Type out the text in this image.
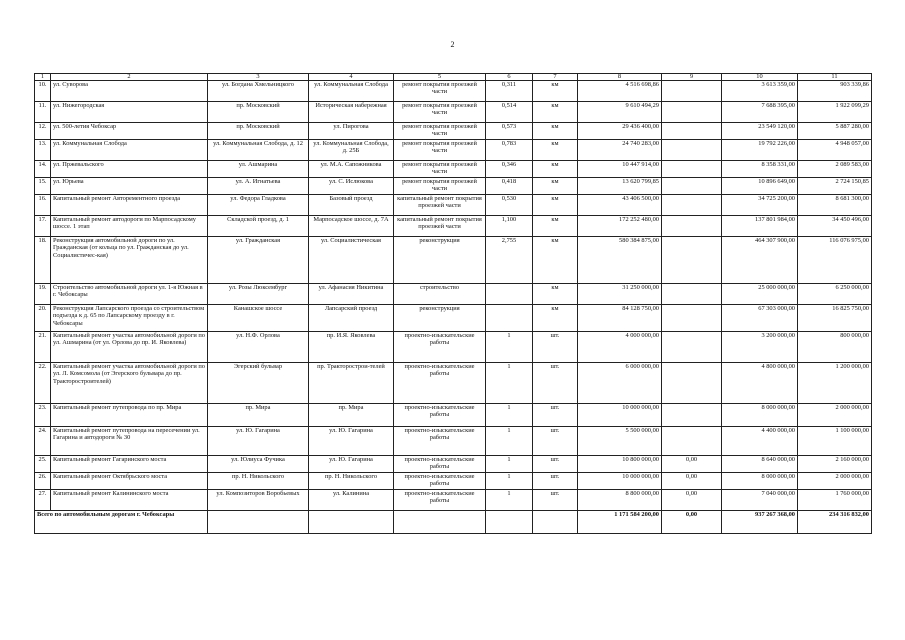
2
1	2	3	4	5	6	7	8	9	10	11
10.	ул. Суворова	ул. Богдана Хмельницкого	ул. Коммунальная Слобода	ремонт покрытия проезжей части	0,311	км	4 516 698,86		3 613 359,00	903 339,86
11.	ул. Нижегородская	пр. Московский	Историческая набережная	ремонт покрытия проезжей части	0,514	км	9 610 494,29		7 688 395,00	1 922 099,29
12.	ул. 500-летия Чебоксар	пр. Московский	ул. Пирогова	ремонт покрытия проезжей части	0,573	км	29 436 400,00		23 549 120,00	5 887 280,00
13.	ул. Коммунальная Слобода	ул. Коммунальная Слобода, д. 12	ул. Коммунальная Слобода, д. 25Б	ремонт покрытия проезжей части	0,783	км	24 740 283,00		19 792 226,00	4 948 057,00
14.	ул. Пржевальского	ул. Ашмарина	ул. М.А. Сапожникова	ремонт покрытия проезжей части	0,346	км	10 447 914,00		8 358 331,00	2 089 583,00
15.	ул. Юрьева	ул. А. Игнатьева	ул. С. Ислюкова	ремонт покрытия проезжей части	0,418	км	13 620 799,85		10 896 649,00	2 724 150,85
16.	Капитальный ремонт Авторементного проезда	ул. Федора Гладкова	Базовый проезд	капитальный ремонт покрытия проезжей части	0,530	км	43 406 500,00		34 725 200,00	8 681 300,00
17.	Капитальный ремонт автодороги по Марпосадскому шоссе. 1 этап	Складской проезд, д. 1	Марпосадское шоссе, д. 7А	капитальный ремонт покрытия проезжей части	1,100	км	172 252 480,00		137 801 984,00	34 450 496,00
18.	Реконструкция автомобильной дороги по ул. Гражданская (от кольца по ул. Гражданская до ул. Социалистичес-кая)	ул. Гражданская	ул. Социалистическая	реконструкция	2,755	км	580 384 875,00		464 307 900,00	116 076 975,00
19.	Строительство автомобильной дороги ул. 1-я Южная в г. Чебоксары	ул. Розы Люксембург	ул. Афанасия Никитина	строительство		км	31 250 000,00		25 000 000,00	6 250 000,00
20.	Реконструкция Лапсарского проезда со строительством подъезда к д. 65 по Лапсарскому проезду в г. Чебоксары	Канашское шоссе	Лапсарский проезд	реконструкция		км	84 128 750,00		67 303 000,00	16 825 750,00
21.	Капитальный ремонт участка автомобильной дороги по ул. Ашмарина (от ул. Орлова до пр. И. Яковлева)	ул. Н.Ф. Орлова	пр. И.Я. Яковлева	проектно-изыскательские работы	1	шт.	4 000 000,00		3 200 000,00	800 000,00
22.	Капитальный ремонт участка автомобильной дороги по ул. Л. Комсомола (от Эгерского бульвара до пр. Тракторостроителей)	Эгерский бульвар	пр. Тракторострои-телей	проектно-изыскательские работы	1	шт.	6 000 000,00		4 800 000,00	1 200 000,00
23.	Капитальный ремонт путепровода по пр. Мира	пр. Мира	пр. Мира	проектно-изыскательские работы	1	шт.	10 000 000,00		8 000 000,00	2 000 000,00
24.	Капитальный ремонт путепровода на пересечении ул. Гагарина и автодороги № 30	ул. Ю. Гагарина	ул. Ю. Гагарина	проектно-изыскательские работы	1	шт.	5 500 000,00		4 400 000,00	1 100 000,00
25.	Капитальный ремонт Гагаринского моста	ул. Юлиуса Фучика	ул. Ю. Гагарина	проектно-изыскательские работы	1	шт.	10 800 000,00	0,00	8 640 000,00	2 160 000,00
26.	Капитальный ремонт Октябрьского моста	пр. Н. Никольского	пр. Н. Никольского	проектно-изыскательские работы	1	шт.	10 000 000,00	0,00	8 000 000,00	2 000 000,00
27.	Капитальный ремонт Калининского моста	ул. Композиторов Воробьевых	ул. Калинина	проектно-изыскательские работы	1	шт.	8 800 000,00	0,00	7 040 000,00	1 760 000,00
Всего по автомобильным дорогам г. Чебоксары							1 171 584 200,00	0,00	937 267 368,00	234 316 832,00
